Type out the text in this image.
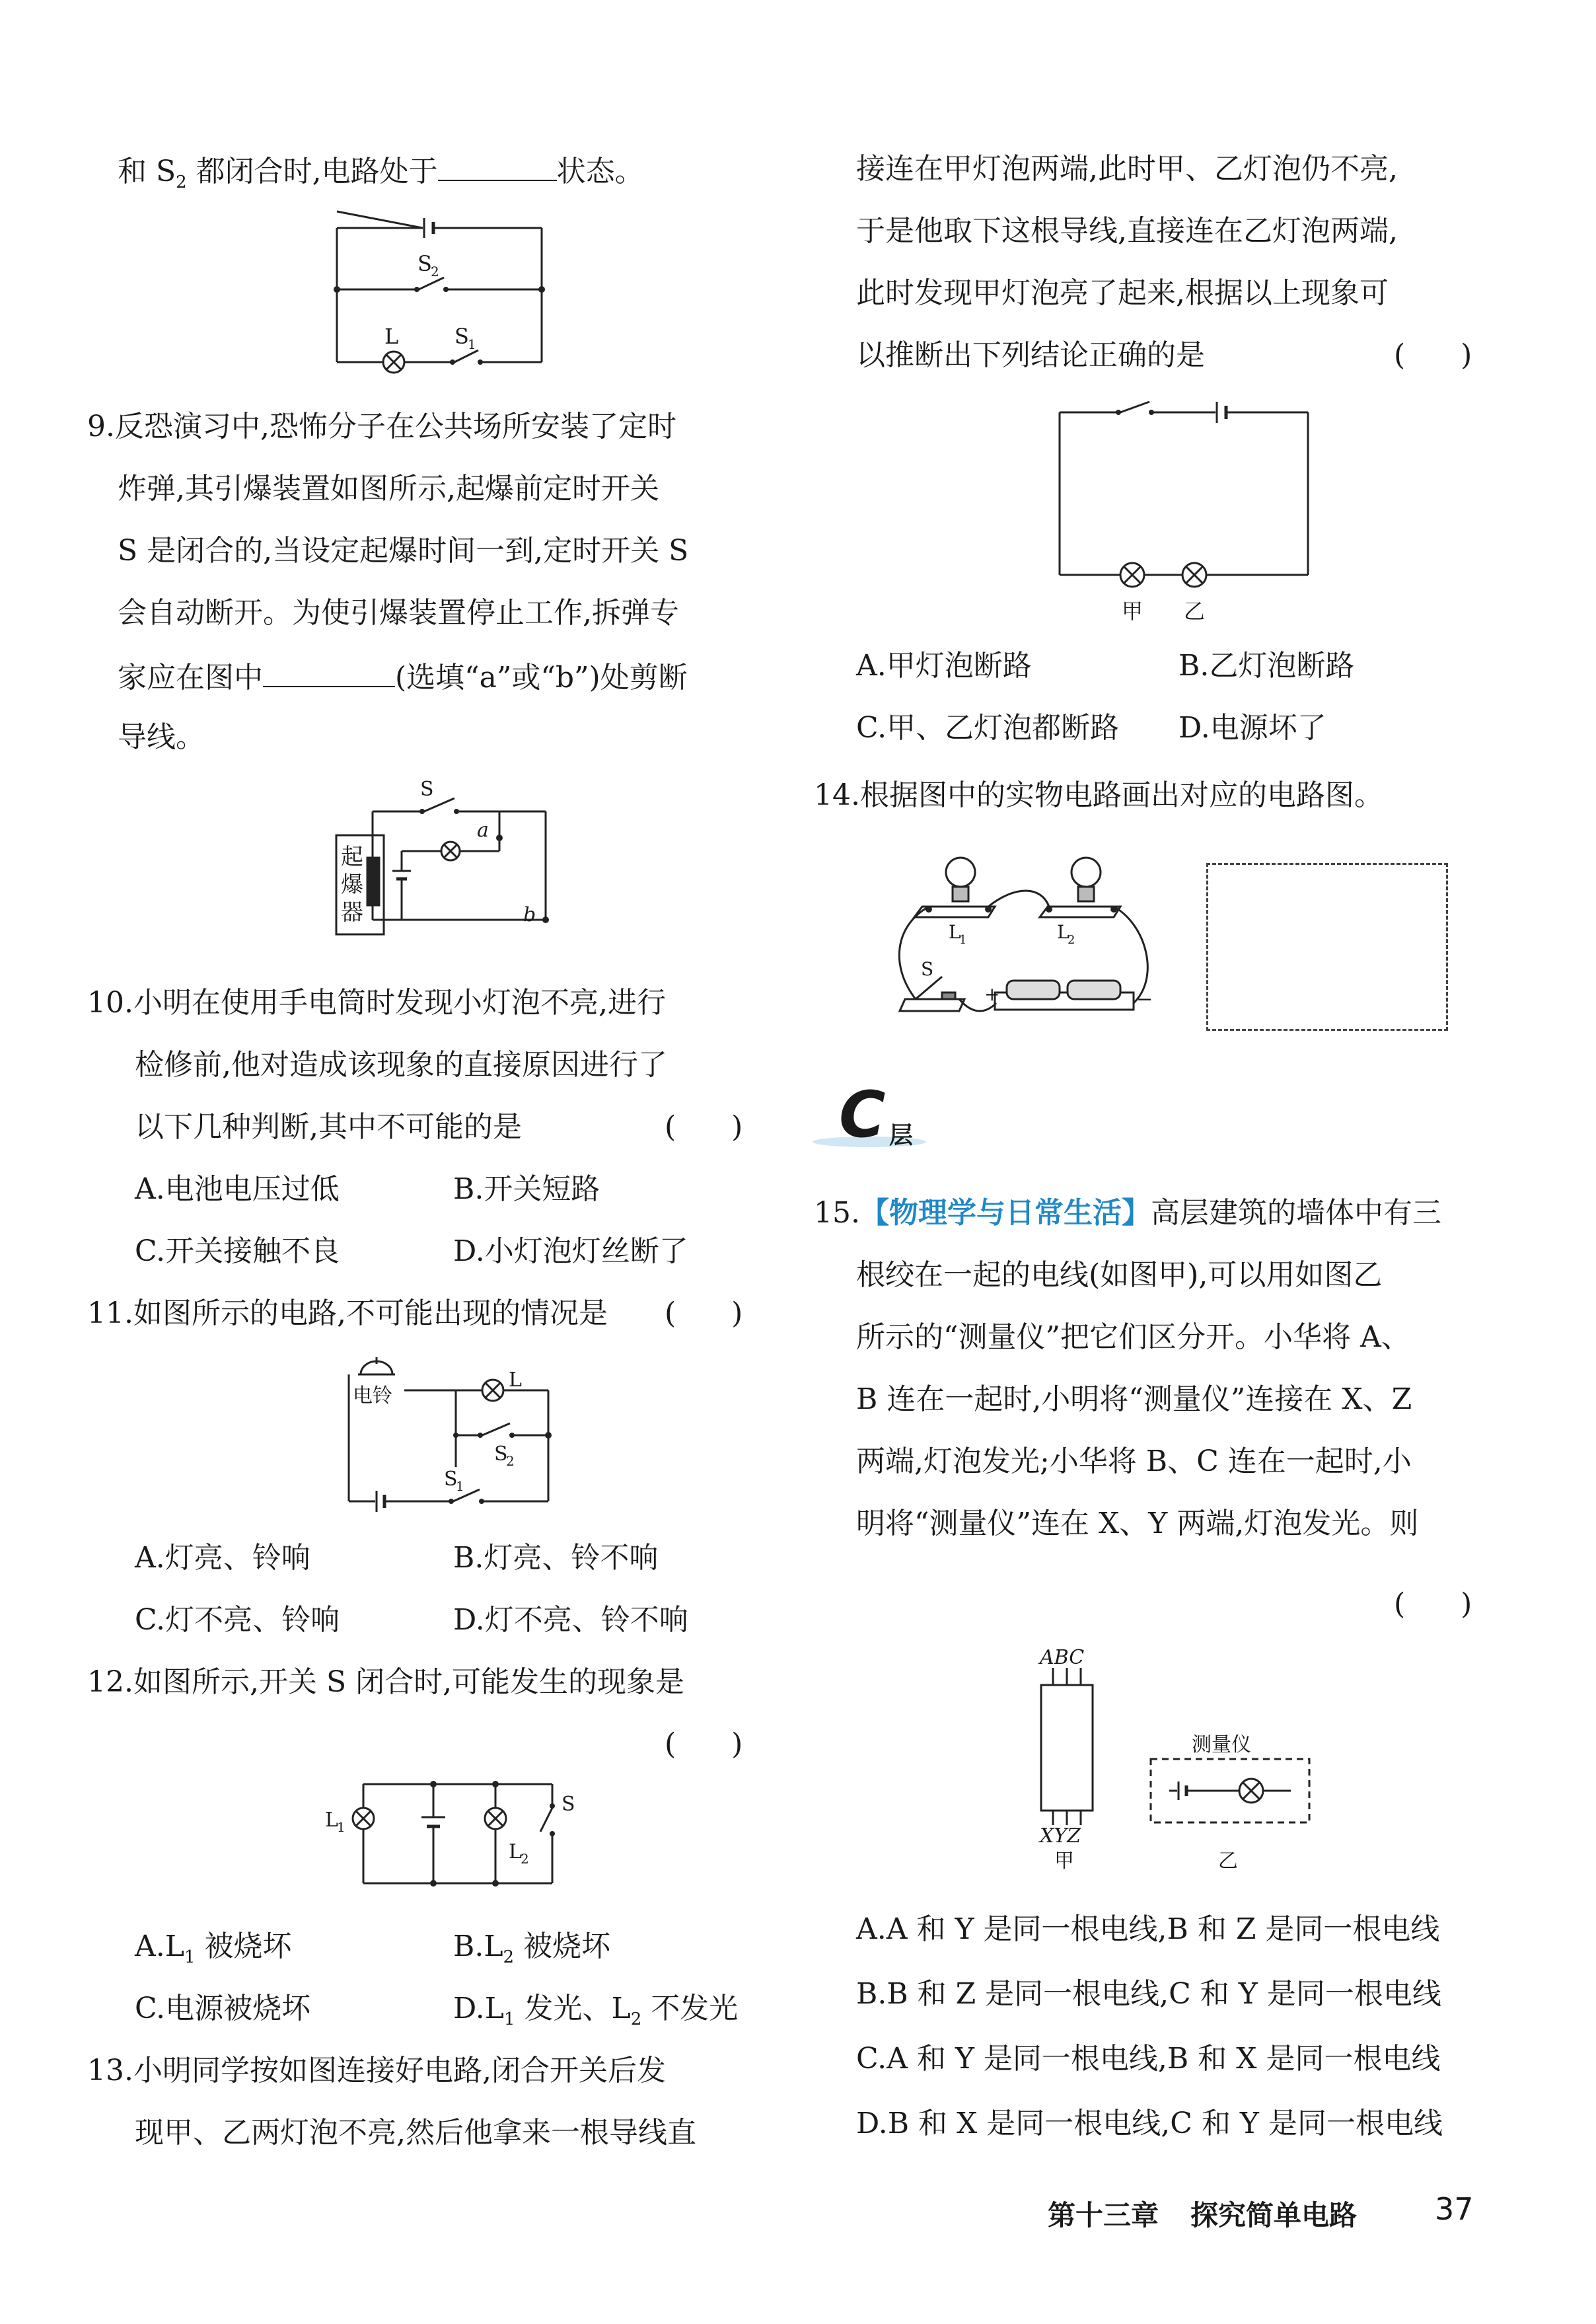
和 $S_2$ 都闭合时,电路处于	状态。
S
2
L	S
1
9.反恐演习中,恐怖分子在公共场所安装了定时
炸弹,其引爆装置如图所示,起爆前定时开关
S 是闭合的,当设定起爆时间一到,定时开关 S
会自动断开。为使引爆装置停止工作,拆弹专
家应在图中	(选填“a”或“b”)处剪断
导线。
S
a
b
起
爆
器
10.小明在使用手电筒时发现小灯泡不亮,进行
检修前,他对造成该现象的直接原因进行了
以下几种判断,其中不可能的是	(      )
A.电池电压过低	B.开关短路
C.开关接触不良	D.小灯泡灯丝断了
11.如图所示的电路,不可能出现的情况是 (      )
电铃
L
S
2
S
1
A.灯亮、铃响	B.灯亮、铃不响
C.灯不亮、铃响	D.灯不亮、铃不响
12.如图所示,开关 S 闭合时,可能发生的现象是
(      )
L
1
L
2
S
$A.L_1$ 被烧坏	$B.L_2$ 被烧坏
C.电源被烧坏	$D.L_1$ 发光、$L_2$ 不发光
13.小明同学按如图连接好电路,闭合开关后发
现甲、乙两灯泡不亮,然后他拿来一根导线直
接连在甲灯泡两端,此时甲、乙灯泡仍不亮,
于是他取下这根导线,直接连在乙灯泡两端,
此时发现甲灯泡亮了起来,根据以上现象可
以推断出下列结论正确的是	(      )
甲 乙
A.甲灯泡断路	B.乙灯泡断路
C.甲、乙灯泡都断路 D.电源坏了
14.根据图中的实物电路画出对应的电路图。
L
1	L
2
S
+	−
C 层
15.【物理学与日常生活】高层建筑的墙体中有三
根绞在一起的电线(如图甲),可以用如图乙
所示的“测量仪”把它们区分开。小华将 A、
B 连在一起时,小明将“测量仪”连接在 X、Z
两端,灯泡发光;小华将 B、C 连在一起时,小
明将“测量仪”连在 X、Y 两端,灯泡发光。则
(      )
ABC
XYZ
甲
测量仪
乙
A.A 和 Y 是同一根电线,B 和 Z 是同一根电线
B.B 和 Z 是同一根电线,C 和 Y 是同一根电线
C.A 和 Y 是同一根电线,B 和 X 是同一根电线
D.B 和 X 是同一根电线,C 和 Y 是同一根电线
第十三章 探究简单电路	37
